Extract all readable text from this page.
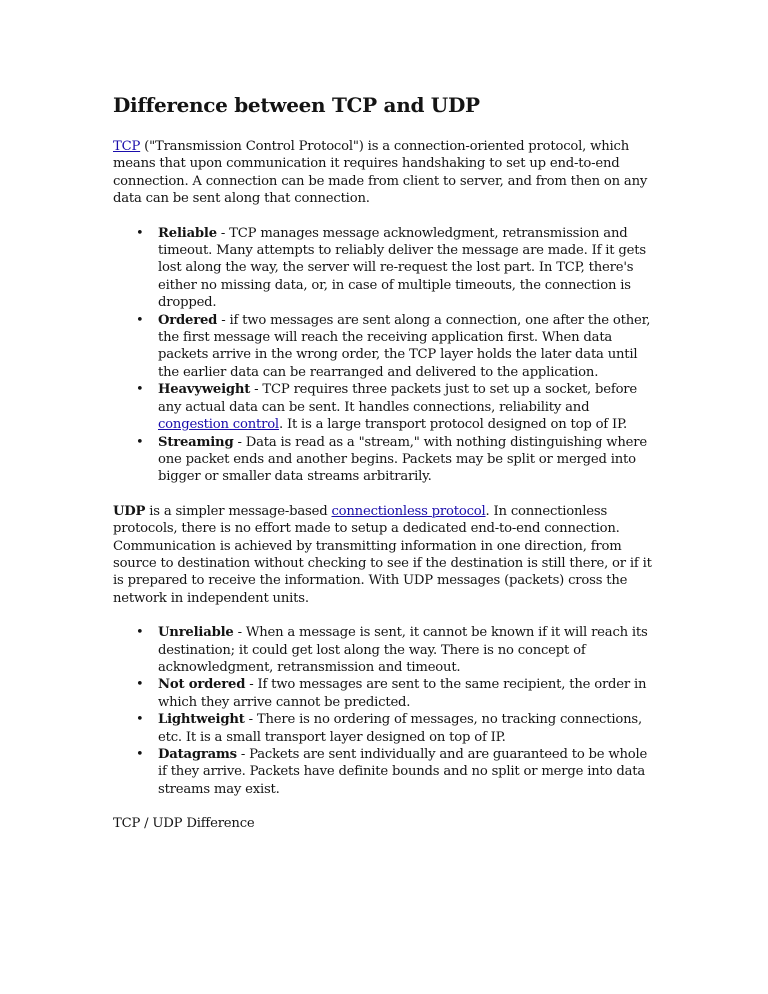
Difference between TCP and UDP

TCP ("Transmission Control Protocol") is a connection-oriented protocol, which means that upon communication it requires handshaking to set up end-to-end connection. A connection can be made from client to server, and from then on any data can be sent along that connection.

• Reliable - TCP manages message acknowledgment, retransmission and timeout. Many attempts to reliably deliver the message are made. If it gets lost along the way, the server will re-request the lost part. In TCP, there's either no missing data, or, in case of multiple timeouts, the connection is dropped.
• Ordered - if two messages are sent along a connection, one after the other, the first message will reach the receiving application first. When data packets arrive in the wrong order, the TCP layer holds the later data until the earlier data can be rearranged and delivered to the application.
• Heavyweight - TCP requires three packets just to set up a socket, before any actual data can be sent. It handles connections, reliability and congestion control. It is a large transport protocol designed on top of IP.
• Streaming - Data is read as a "stream," with nothing distinguishing where one packet ends and another begins. Packets may be split or merged into bigger or smaller data streams arbitrarily.

UDP is a simpler message-based connectionless protocol. In connectionless protocols, there is no effort made to setup a dedicated end-to-end connection. Communication is achieved by transmitting information in one direction, from source to destination without checking to see if the destination is still there, or if it is prepared to receive the information. With UDP messages (packets) cross the network in independent units.

• Unreliable - When a message is sent, it cannot be known if it will reach its destination; it could get lost along the way. There is no concept of acknowledgment, retransmission and timeout.
• Not ordered - If two messages are sent to the same recipient, the order in which they arrive cannot be predicted.
• Lightweight - There is no ordering of messages, no tracking connections, etc. It is a small transport layer designed on top of IP.
• Datagrams - Packets are sent individually and are guaranteed to be whole if they arrive. Packets have definite bounds and no split or merge into data streams may exist.

TCP / UDP Difference
